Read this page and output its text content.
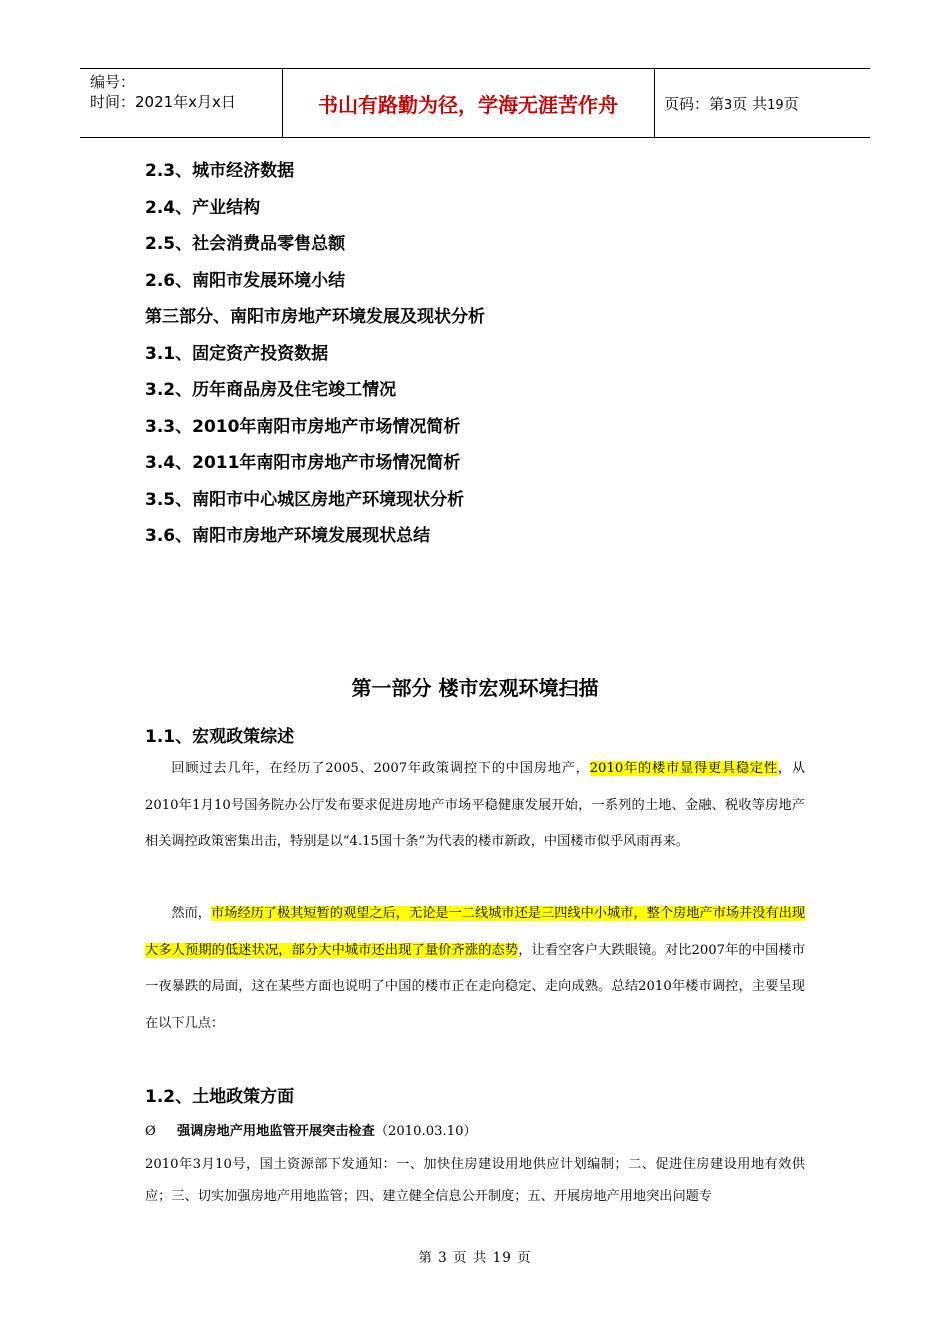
编号：
时间：2021年x月x日	书山有路勤为径，学海无涯苦作舟	页码：第3页 共19页
2.3、城市经济数据
2.4、产业结构
2.5、社会消费品零售总额
2.6、南阳市发展环境小结
第三部分、南阳市房地产环境发展及现状分析
3.1、固定资产投资数据
3.2、历年商品房及住宅竣工情况
3.3、2010年南阳市房地产市场情况简析
3.4、2011年南阳市房地产市场情况简析
3.5、南阳市中心城区房地产环境现状分析
3.6、南阳市房地产环境发展现状总结
第一部分 楼市宏观环境扫描
1.1、宏观政策综述
回顾过去几年，在经历了2005、2007年政策调控下的中国房地产，2010年的楼市显得更具稳定性，从2010年1月10号国务院办公厅发布要求促进房地产市场平稳健康发展开始，一系列的土地、金融、税收等房地产相关调控政策密集出击，特别是以“4.15国十条”为代表的楼市新政，中国楼市似乎风雨再来。
然而，市场经历了极其短暂的观望之后，无论是一二线城市还是三四线中小城市，整个房地产市场并没有出现大多人预期的低迷状况，部分大中城市还出现了量价齐涨的态势，让看空客户大跌眼镜。对比2007年的中国楼市一夜暴跌的局面，这在某些方面也说明了中国的楼市正在走向稳定、走向成熟。总结2010年楼市调控，主要呈现在以下几点：
1.2、土地政策方面
Ø 强调房地产用地监管开展突击检查（2010.03.10）
2010年3月10号，国土资源部下发通知：一、加快住房建设用地供应计划编制；二、促进住房建设用地有效供应；三、切实加强房地产用地监管；四、建立健全信息公开制度；五、开展房地产用地突出问题专
第 3 页 共 19 页
